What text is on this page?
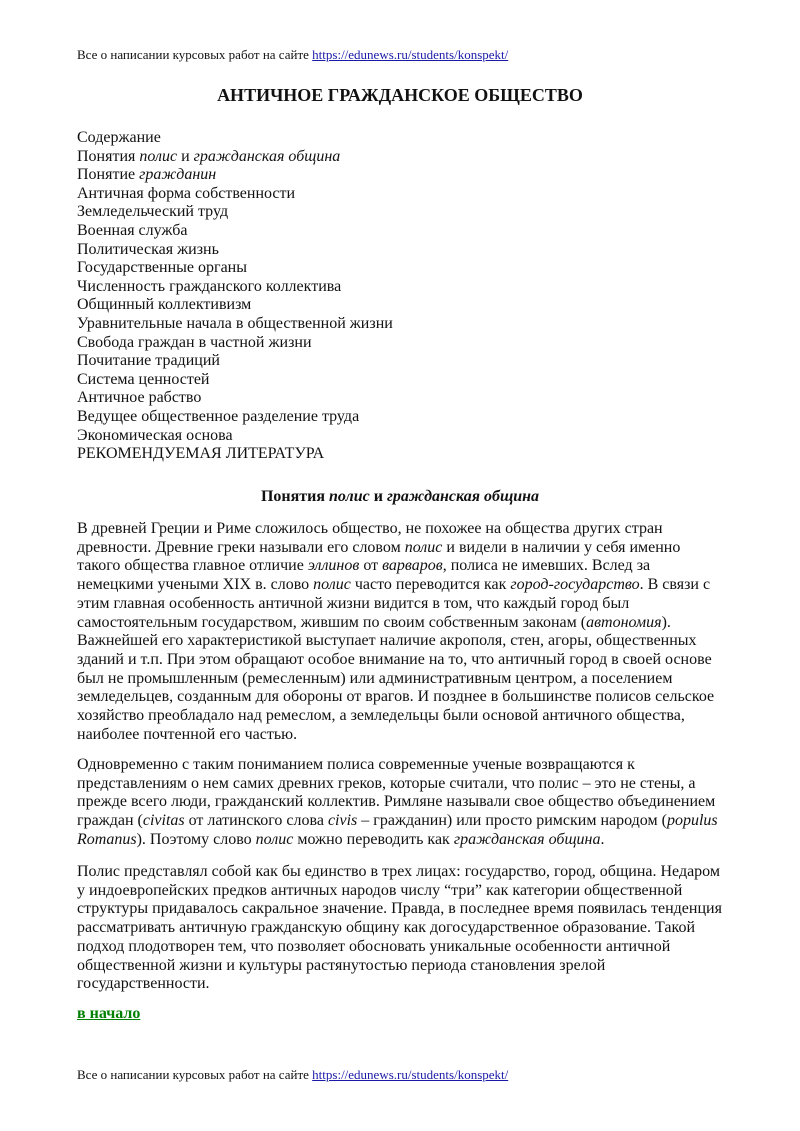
Все о написании курсовых работ на сайте https://edunews.ru/students/konspekt/
АНТИЧНОЕ ГРАЖДАНСКОЕ ОБЩЕСТВО
Содержание
Понятия полис и гражданская община
Понятие гражданин
Античная форма собственности
Земледельческий труд
Военная служба
Политическая жизнь
Государственные органы
Численность гражданского коллектива
Общинный коллективизм
Уравнительные начала в общественной жизни
Свобода граждан в частной жизни
Почитание традиций
Система ценностей
Античное рабство
Ведущее общественное разделение труда
Экономическая основа
РЕКОМЕНДУЕМАЯ ЛИТЕРАТУРА
Понятия полис и гражданская община
В древней Греции и Риме сложилось общество, не похожее на общества других стран древности. Древние греки называли его словом полис и видели в наличии у себя именно такого общества главное отличие эллинов от варваров, полиса не имевших. Вслед за немецкими учеными XIX в. слово полис часто переводится как город-государство. В связи с этим главная особенность античной жизни видится в том, что каждый город был самостоятельным государством, жившим по своим собственным законам (автономия). Важнейшей его характеристикой выступает наличие акрополя, стен, агоры, общественных зданий и т.п. При этом обращают особое внимание на то, что античный город в своей основе был не промышленным (ремесленным) или административным центром, а поселением земледельцев, созданным для обороны от врагов. И позднее в большинстве полисов сельское хозяйство преобладало над ремеслом, а земледельцы были основой античного общества, наиболее почтенной его частью.
Одновременно с таким пониманием полиса современные ученые возвращаются к представлениям о нем самих древних греков, которые считали, что полис – это не стены, а прежде всего люди, гражданский коллектив. Римляне называли свое общество объединением граждан (civitas от латинского слова civis – гражданин) или просто римским народом (populus Romanus). Поэтому слово полис можно переводить как гражданская община.
Полис представлял собой как бы единство в трех лицах: государство, город, община. Недаром у индоевропейских предков античных народов числу “три” как категории общественной структуры придавалось сакральное значение. Правда, в последнее время появилась тенденция рассматривать античную гражданскую общину как догосударственное образование. Такой подход плодотворен тем, что позволяет обосновать уникальные особенности античной общественной жизни и культуры растянутостью периода становления зрелой государственности.
в начало
Все о написании курсовых работ на сайте https://edunews.ru/students/konspekt/
